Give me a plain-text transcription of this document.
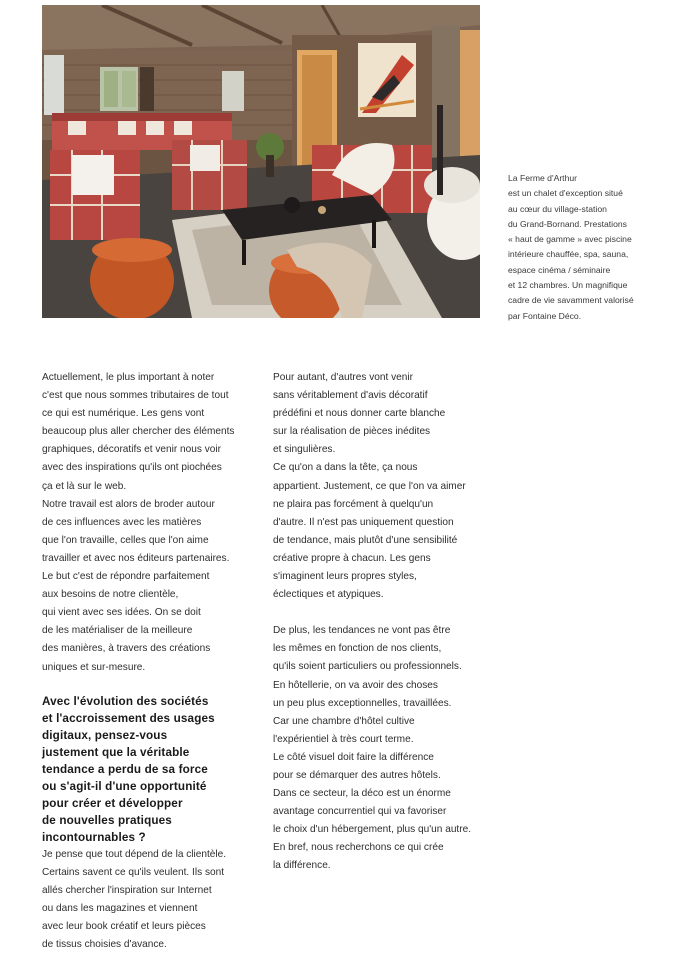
La Ferme d'Arthur
est un chalet d'exception situé
au cœur du village-station
du Grand-Bornand. Prestations
« haut de gamme » avec piscine
intérieure chauffée, spa, sauna,
espace cinéma / séminaire
et 12 chambres. Un magnifique
cadre de vie savamment valorisé
par Fontaine Déco.
Actuellement, le plus important à noter
c'est que nous sommes tributaires de tout
ce qui est numérique. Les gens vont
beaucoup plus aller chercher des éléments
graphiques, décoratifs et venir nous voir
avec des inspirations qu'ils ont piochées
ça et là sur le web.
Notre travail est alors de broder autour
de ces influences avec les matières
que l'on travaille, celles que l'on aime
travailler et avec nos éditeurs partenaires.
Le but c'est de répondre parfaitement
aux besoins de notre clientèle,
qui vient avec ses idées. On se doit
de les matérialiser de la meilleure
des manières, à travers des créations
uniques et sur-mesure.
Avec l'évolution des sociétés
et l'accroissement des usages
digitaux, pensez-vous
justement que la véritable
tendance a perdu de sa force
ou s'agit-il d'une opportunité
pour créer et développer
de nouvelles pratiques
incontournables ?
Je pense que tout dépend de la clientèle.
Certains savent ce qu'ils veulent. Ils sont
allés chercher l'inspiration sur Internet
ou dans les magazines et viennent
avec leur book créatif et leurs pièces
de tissus choisies d'avance.
Pour autant, d'autres vont venir
sans véritablement d'avis décoratif
prédéfini et nous donner carte blanche
sur la réalisation de pièces inédites
et singulières.
Ce qu'on a dans la tête, ça nous
appartient. Justement, ce que l'on va aimer
ne plaira pas forcément à quelqu'un
d'autre. Il n'est pas uniquement question
de tendance, mais plutôt d'une sensibilité
créative propre à chacun. Les gens
s'imaginent leurs propres styles,
éclectiques et atypiques.
De plus, les tendances ne vont pas être
les mêmes en fonction de nos clients,
qu'ils soient particuliers ou professionnels.
En hôtellerie, on va avoir des choses
un peu plus exceptionnelles, travaillées.
Car une chambre d'hôtel cultive
l'expérientiel à très court terme.
Le côté visuel doit faire la différence
pour se démarquer des autres hôtels.
Dans ce secteur, la déco est un énorme
avantage concurrentiel qui va favoriser
le choix d'un hébergement, plus qu'un autre.
En bref, nous recherchons ce qui crée
la différence.
